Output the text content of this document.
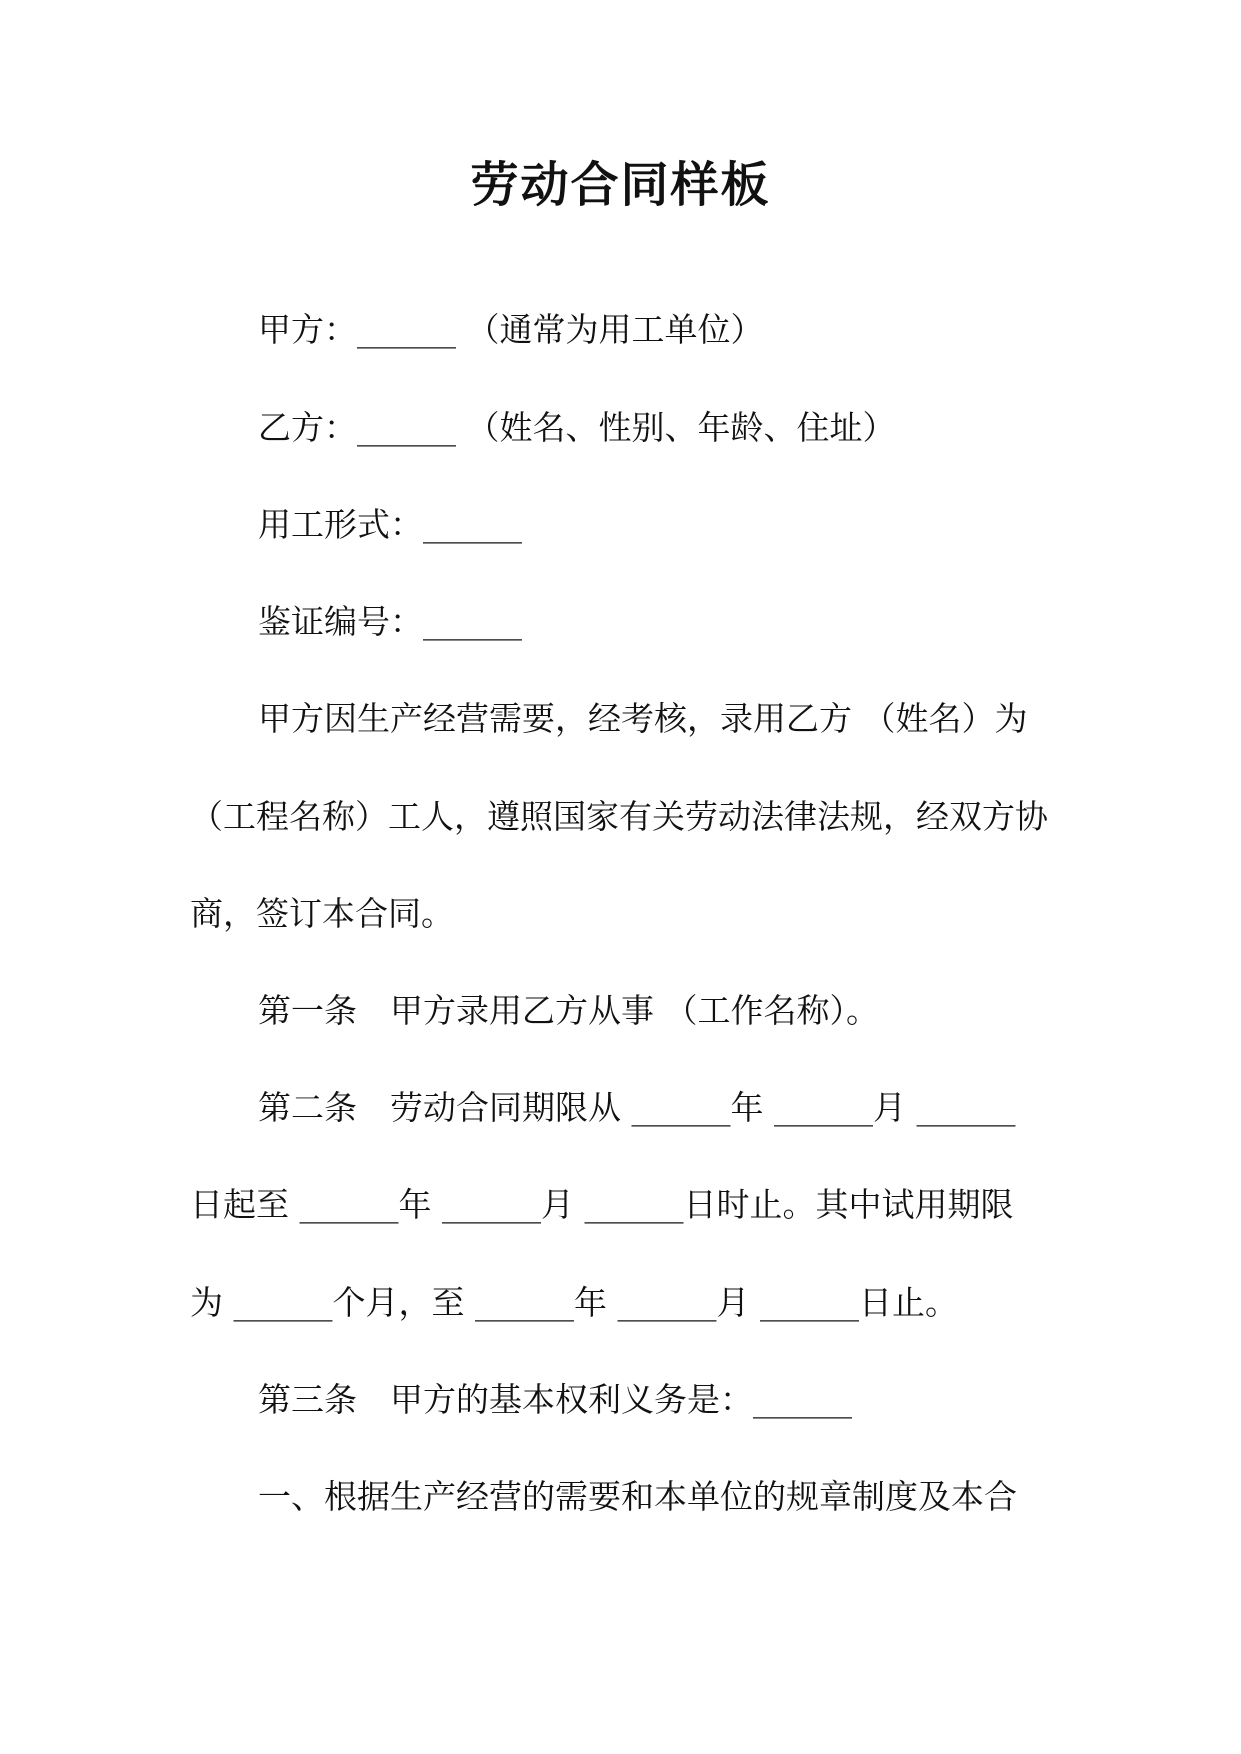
劳动合同样板
甲方：______ （通常为用工单位）
乙方：______ （姓名、性别、年龄、住址）
用工形式：______
鉴证编号：______
甲方因生产经营需要，经考核，录用乙方 （姓名）为
（工程名称）工人，遵照国家有关劳动法律法规，经双方协
商，签订本合同。
第一条　甲方录用乙方从事 （工作名称）。
第二条　劳动合同期限从 ______年 ______月 ______
日起至 ______年 ______月 ______日时止。其中试用期限
为 ______个月，至 ______年 ______月 ______日止。
第三条　甲方的基本权利义务是：______
一、根据生产经营的需要和本单位的规章制度及本合
